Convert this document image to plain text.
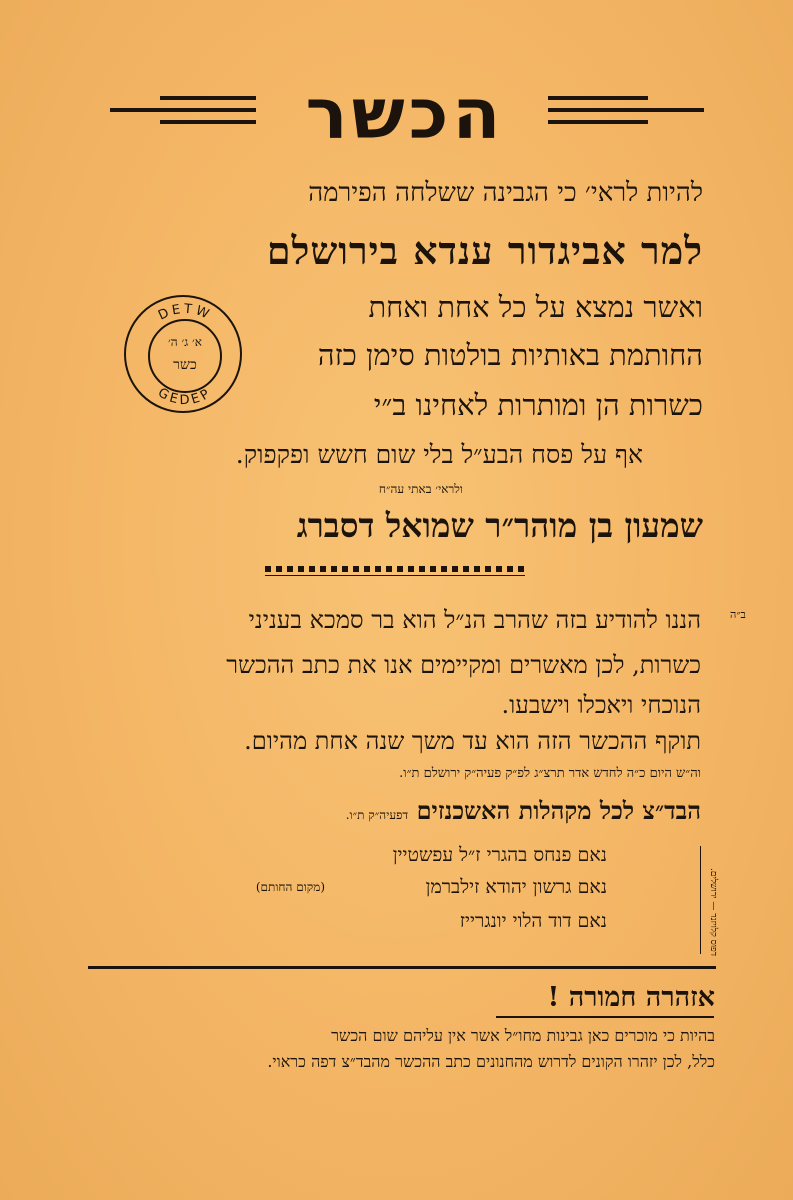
הכשר
להיות לראי׳ כי הגבינה ששלחה הפירמה
למר אביגדור ענדא בירושלם
ואשר נמצא על כל אחת ואחת
החותמת באותיות בולטות סימן כזה
כשרות הן ומותרות לאחינו ב״י
אף על פסח הבע״ל בלי שום חשש ופקפוק.
ולראי׳ באתי עה״ח
שמעון בן מוהר״ר שמואל דסברג
DETW
GEDEP
א׳ ג׳ ה׳
כשר
ב״ה
הננו להודיע בזה שהרב הנ״ל הוא בר סמכא בעניני
כשרות, לכן מאשרים ומקיימים אנו את כתב ההכשר
הנוכחי ויאכלו וישבעו.
תוקף ההכשר הזה הוא עד משך שנה אחת מהיום.
וה״ש היום כ״ה לחדש אדר תרצ״ג לפ״ק פעיה״ק ירושלם ת״ו.
הבד״צ לכל מקהלות האשכנזים דפעיה״ק ת״ו.
נאם פנחס בהגרי ז״ל עפשטיין
נאם גרשון יהודא זילברמן
נאם דוד הלוי יונגרייז
(מקום החותם)	דפוס קלויזנר — ירושלים.
אזהרה חמורה !
בהיות כי מוכרים כאן גבינות מחו״ל אשר אין עליהם שום הכשר
כלל, לכן יזהרו הקונים לדרוש מהחנונים כתב ההכשר מהבד״צ דפה כראוי.
